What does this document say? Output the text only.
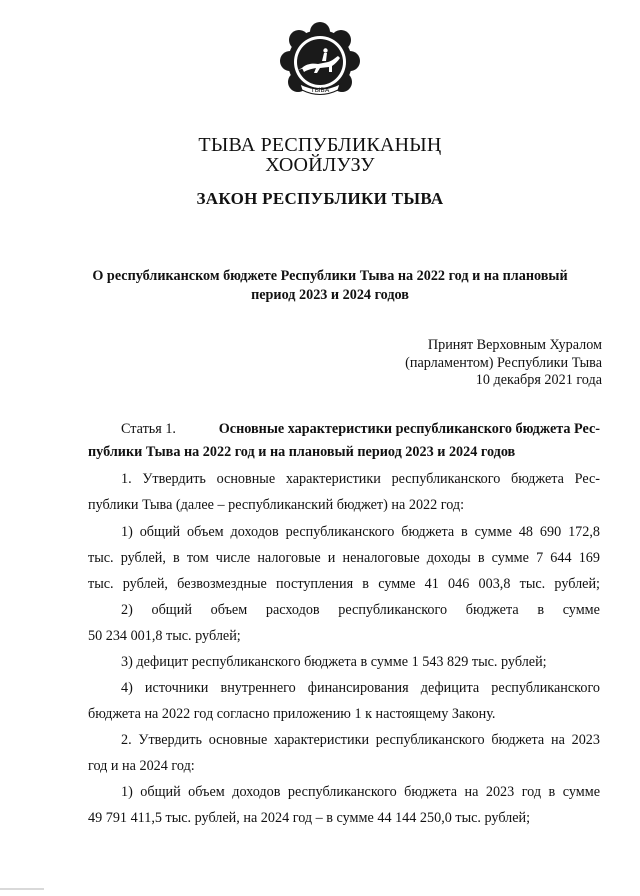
ТЫВА
ТЫВА РЕСПУБЛИКАНЫҢ
ХООЙЛУЗУ
ЗАКОН РЕСПУБЛИКИ ТЫВА
О республиканском бюджете Республики Тыва на 2022 год и на плановый
период 2023 и 2024 годов
Принят Верховным Хуралом
(парламентом) Республики Тыва
10 декабря 2021 года
Статья 1.	Основные характеристики республиканского бюджета Рес-
публики Тыва на 2022 год и на плановый период 2023 и 2024 годов
1. Утвердить основные характеристики республиканского бюджета Рес-
публики Тыва (далее – республиканский бюджет) на 2022 год:
1) общий объем доходов республиканского бюджета в сумме 48 690 172,8
тыс. рублей, в том числе налоговые и неналоговые доходы в сумме 7 644 169
тыс. рублей, безвозмездные поступления в сумме 41 046 003,8 тыс. рублей;
2) общий объем расходов республиканского бюджета в сумме
50 234 001,8 тыс. рублей;
3) дефицит республиканского бюджета в сумме 1 543 829 тыс. рублей;
4) источники внутреннего финансирования дефицита республиканского
бюджета на 2022 год согласно приложению 1 к настоящему Закону.
2. Утвердить основные характеристики республиканского бюджета на 2023
год и на 2024 год:
1) общий объем доходов республиканского бюджета на 2023 год в сумме
49 791 411,5 тыс. рублей, на 2024 год – в сумме 44 144 250,0 тыс. рублей;
